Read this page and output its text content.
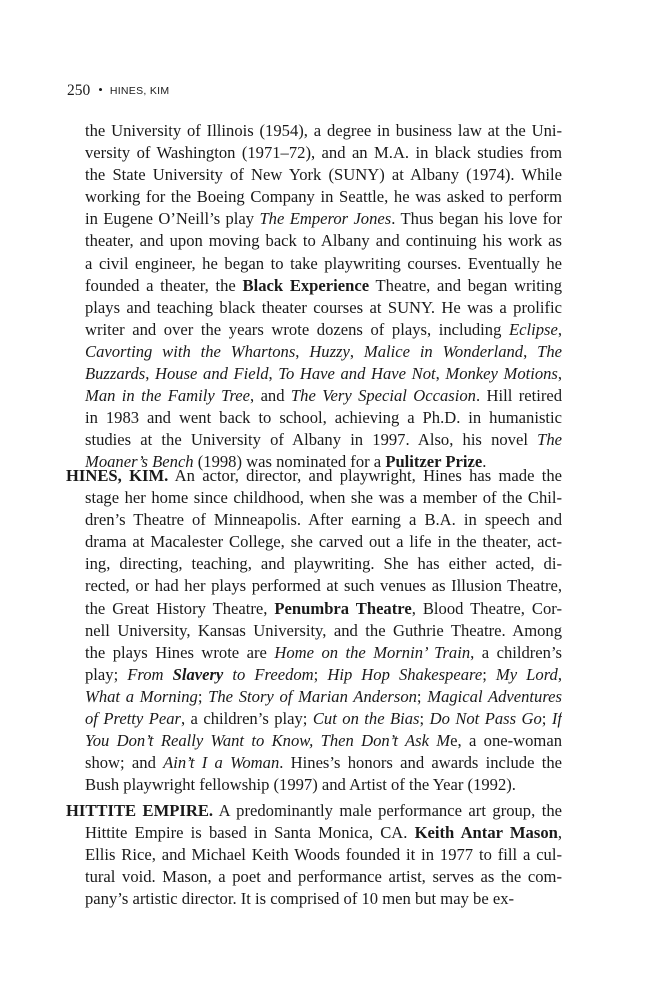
250 • HINES, KIM
the University of Illinois (1954), a degree in business law at the Uni-
versity of Washington (1971–72), and an M.A. in black studies from
the State University of New York (SUNY) at Albany (1974). While
working for the Boeing Company in Seattle, he was asked to perform
in Eugene O’Neill’s play The Emperor Jones. Thus began his love for
theater, and upon moving back to Albany and continuing his work as
a civil engineer, he began to take playwriting courses. Eventually he
founded a theater, the Black Experience Theatre, and began writing
plays and teaching black theater courses at SUNY. He was a prolific
writer and over the years wrote dozens of plays, including Eclipse,
Cavorting with the Whartons, Huzzy, Malice in Wonderland, The
Buzzards, House and Field, To Have and Have Not, Monkey Motions,
Man in the Family Tree, and The Very Special Occasion. Hill retired
in 1983 and went back to school, achieving a Ph.D. in humanistic
studies at the University of Albany in 1997. Also, his novel The
Moaner’s Bench (1998) was nominated for a Pulitzer Prize.
HINES, KIM. An actor, director, and playwright, Hines has made the
stage her home since childhood, when she was a member of the Chil-
dren’s Theatre of Minneapolis. After earning a B.A. in speech and
drama at Macalester College, she carved out a life in the theater, act-
ing, directing, teaching, and playwriting. She has either acted, di-
rected, or had her plays performed at such venues as Illusion Theatre,
the Great History Theatre, Penumbra Theatre, Blood Theatre, Cor-
nell University, Kansas University, and the Guthrie Theatre. Among
the plays Hines wrote are Home on the Mornin’ Train, a children’s
play; From Slavery to Freedom; Hip Hop Shakespeare; My Lord,
What a Morning; The Story of Marian Anderson; Magical Adventures
of Pretty Pear, a children’s play; Cut on the Bias; Do Not Pass Go; If
You Don’t Really Want to Know, Then Don’t Ask Me, a one-woman
show; and Ain’t I a Woman. Hines’s honors and awards include the
Bush playwright fellowship (1997) and Artist of the Year (1992).
HITTITE EMPIRE. A predominantly male performance art group, the
Hittite Empire is based in Santa Monica, CA. Keith Antar Mason,
Ellis Rice, and Michael Keith Woods founded it in 1977 to fill a cul-
tural void. Mason, a poet and performance artist, serves as the com-
pany’s artistic director. It is comprised of 10 men but may be ex-
